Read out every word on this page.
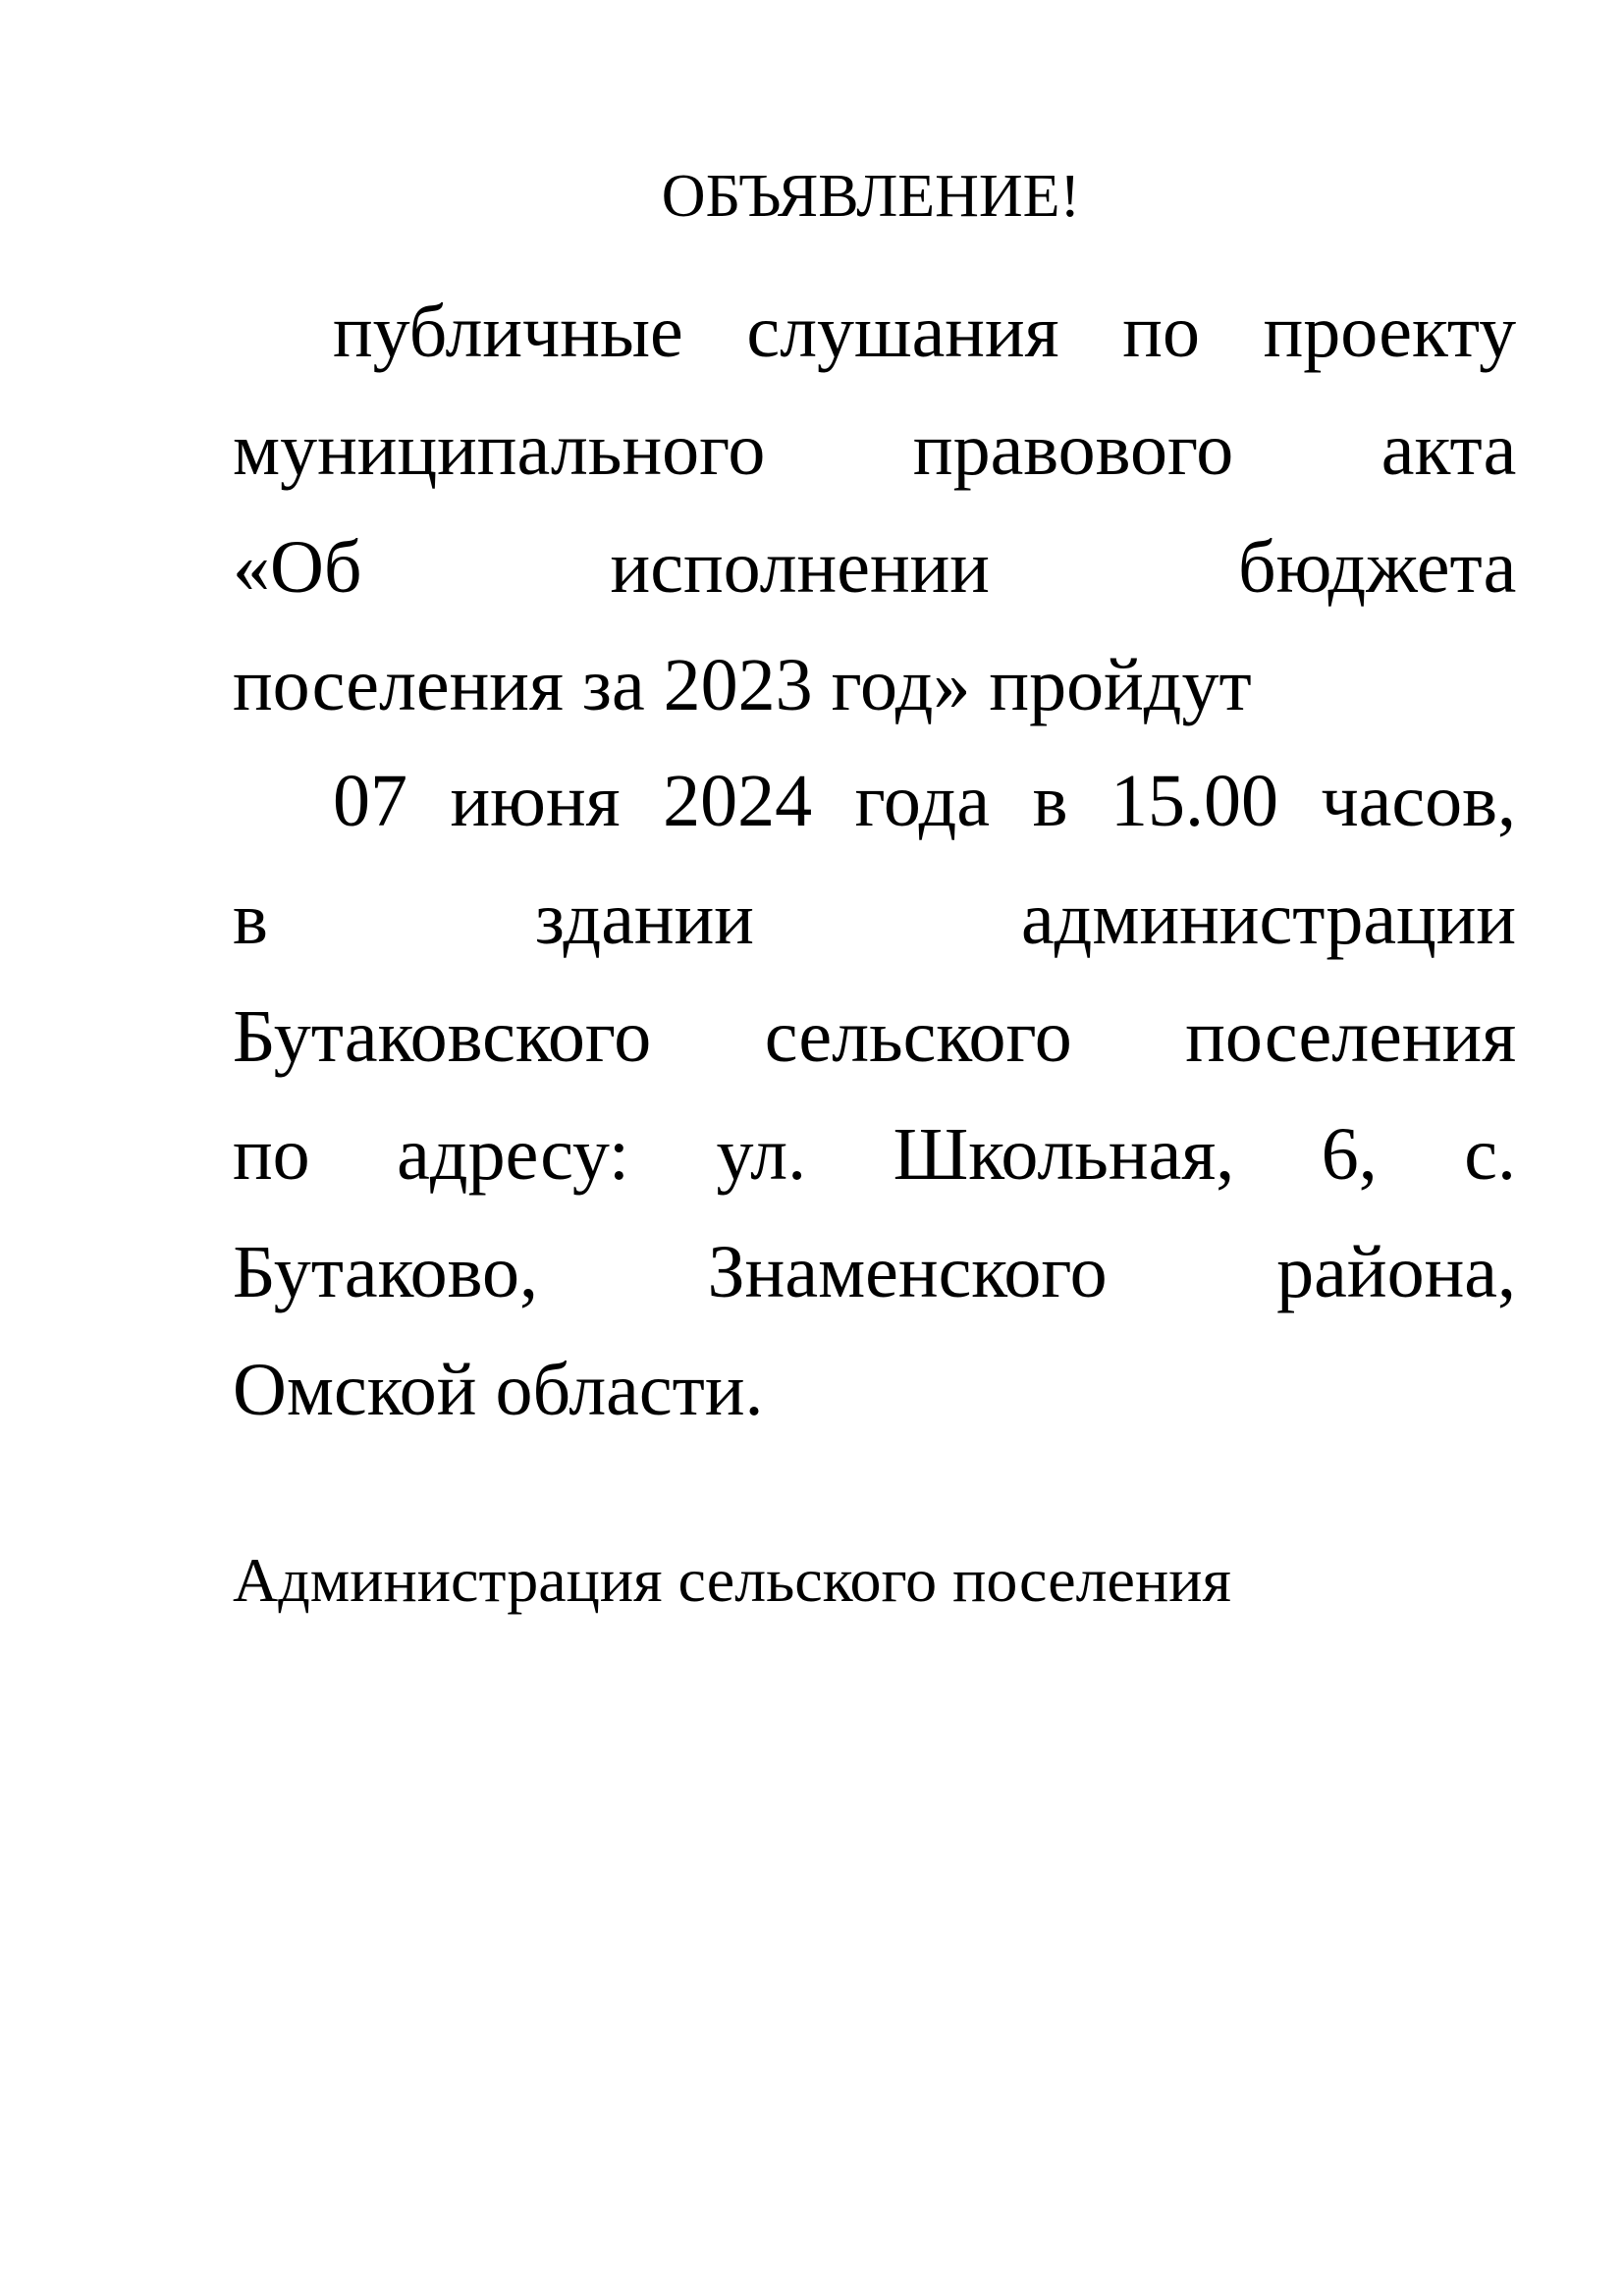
ОБЪЯВЛЕНИЕ!
публичные слушания по проекту
муниципального правового акта
«Об исполнении бюджета
поселения за 2023 год» пройдут
07 июня 2024 года в 15.00 часов,
в здании администрации
Бутаковского сельского поселения
по адресу: ул. Школьная, 6, с.
Бутаково, Знаменского района,
Омской области.

Администрация сельского поселения
